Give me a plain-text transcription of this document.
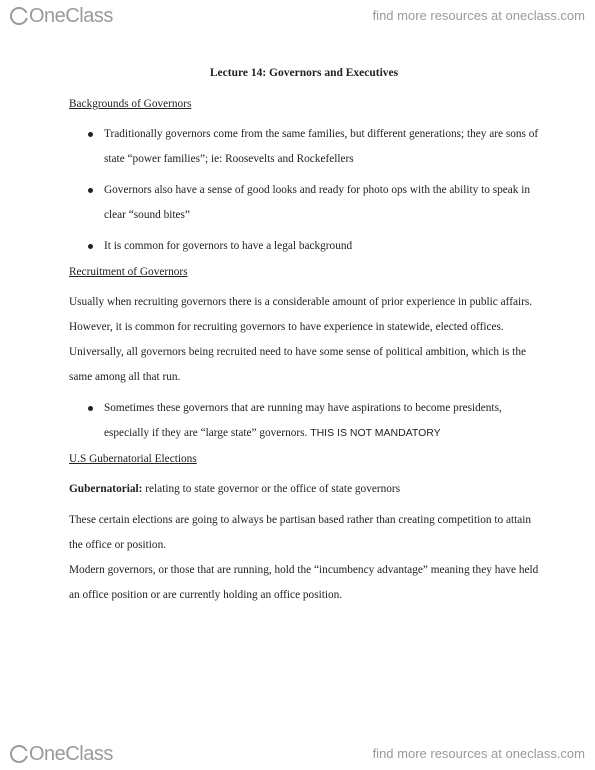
OneClass	find more resources at oneclass.com
Lecture 14: Governors and Executives
Backgrounds of Governors
Traditionally governors come from the same families, but different generations; they are sons of state “power families”; ie: Roosevelts and Rockefellers
Governors also have a sense of good looks and ready for photo ops with the ability to speak in clear “sound bites”
It is common for governors to have a legal background
Recruitment of Governors

Usually when recruiting governors there is a considerable amount of prior experience in public affairs. However, it is common for recruiting governors to have experience in statewide, elected offices. Universally, all governors being recruited need to have some sense of political ambition, which is the same among all that run.

Sometimes these governors that are running may have aspirations to become presidents, especially if they are “large state” governors. THIS IS NOT MANDATORY
U.S Gubernatorial Elections

Gubernatorial: relating to state governor or the office of state governors

These certain elections are going to always be partisan based rather than creating competition to attain the office or position.

Modern governors, or those that are running, hold the “incumbency advantage” meaning they have held an office position or are currently holding an office position.

OneClass	find more resources at oneclass.com
